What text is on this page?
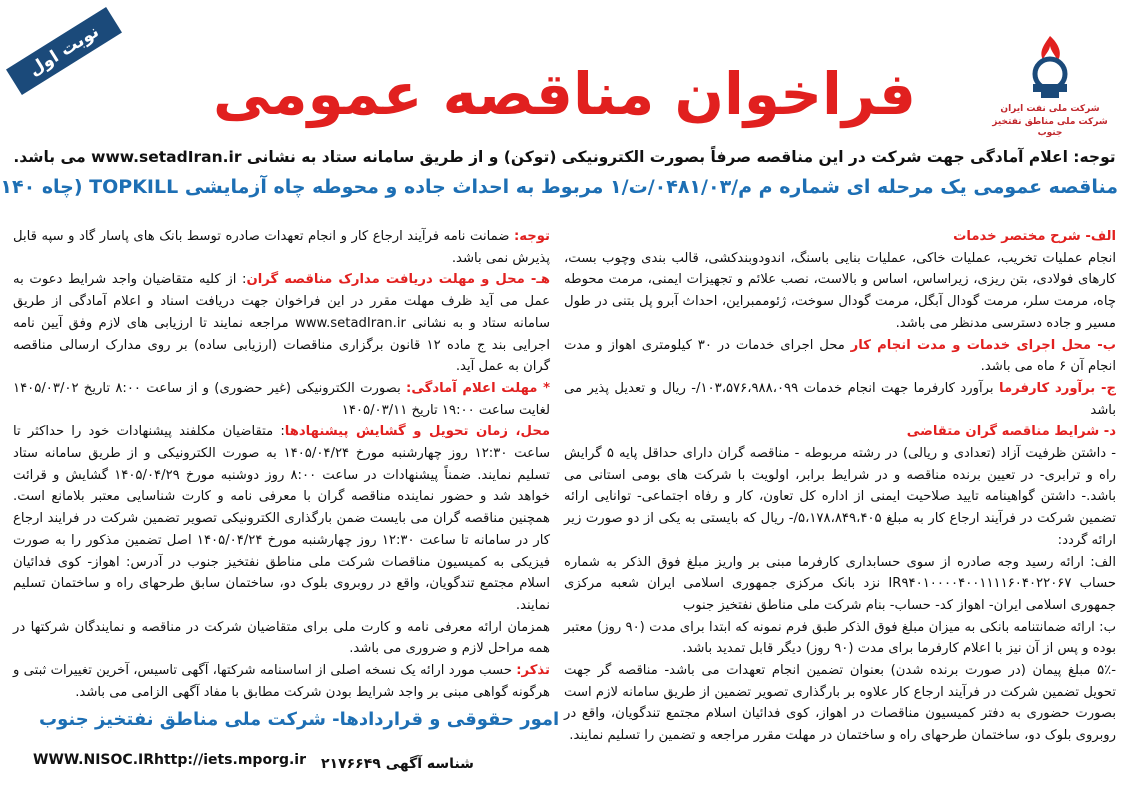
نوبت اول
فراخوان مناقصه عمومی	شرکت ملی نفت ایران
شرکت ملی مناطق نفتخیز جنوب
توجه: اعلام آمادگی جهت شرکت در این مناقصه صرفاً بصورت الکترونیکی (توکن) و از طریق سامانه ستاد به نشانی www.setadIran.ir می باشد.
مناقصه عمومی یک مرحله ای شماره م م/۰۴۸۱/۰۳/ت/۱ مربوط به احداث جاده و محوطه چاه آزمایشی TOPKILL (چاه ۱۴۰

الف- شرح مختصر خدمات

انجام عملیات تخریب، عملیات خاکی، عملیات بنایی باسنگ، اندودوبندکشی، قالب بندی وچوب بست، کارهای فولادی، بتن ریزی، زیراساس، اساس و بالاست، نصب علائم و تجهیزات ایمنی، مرمت محوطه چاه، مرمت سلر، مرمت گودال آبگل، مرمت گودال سوخت، ژئوممبراین، احداث آبرو پل بتنی در طول مسیر و جاده دسترسی مدنظر می باشد.

ب- محل اجرای خدمات و مدت انجام کار محل اجرای خدمات در ۳۰ کیلومتری اهواز و مدت انجام آن ۶ ماه می باشد.

ج- برآورد کارفرما برآورد کارفرما جهت انجام خدمات ۱۰۳،۵۷۶،۹۸۸،۰۹۹/- ریال و تعدیل پذیر می باشد

د- شرایط مناقصه گران متقاضی

- داشتن ظرفیت آزاد (تعدادی و ریالی) در رشته مربوطه - مناقصه گران دارای حداقل پایه ۵ گرایش راه و ترابری- در تعیین برنده مناقصه و در شرایط برابر، اولویت با شرکت های بومی استانی می باشد.- داشتن گواهینامه تایید صلاحیت ایمنی از اداره کل تعاون، کار و رفاه اجتماعی- توانایی ارائه تضمین شرکت در فرآیند ارجاع کار به مبلغ ۵،۱۷۸،۸۴۹،۴۰۵/- ریال که بایستی به یکی از دو صورت زیر ارائه گردد:

الف: ارائه رسید وجه صادره از سوی حسابداری کارفرما مبنی بر واریز مبلغ فوق الذکر به شماره حساب IR۹۴۰۱۰۰۰۰۴۰۰۱۱۱۱۶۰۴۰۲۲۰۶۷ نزد بانک مرکزی جمهوری اسلامی ایران شعبه مرکزی جمهوری اسلامی ایران- اهواز کد- حساب- بنام شرکت ملی مناطق نفتخیز جنوب

ب: ارائه ضمانتنامه بانکی به میزان مبلغ فوق الذکر طبق فرم نمونه که ابتدا برای مدت (۹۰ روز) معتبر بوده و پس از آن نیز با اعلام کارفرما برای مدت (۹۰ روز) دیگر قابل تمدید باشد.

-۵٪ مبلغ پیمان (در صورت برنده شدن) بعنوان تضمین انجام تعهدات می باشد- مناقصه گر جهت تحویل تضمین شرکت در فرآیند ارجاع کار علاوه بر بارگذاری تصویر تضمین از طریق سامانه لازم است بصورت حضوری به دفتر کمیسیون مناقصات در اهواز، کوی فدائیان اسلام مجتمع تندگویان، واقع در روبروی بلوک دو، ساختمان طرحهای راه و ساختمان در مهلت مقرر مراجعه و تضمین را تسلیم نمایند.

توجه: ضمانت نامه فرآیند ارجاع کار و انجام تعهدات صادره توسط بانک های پاسار گاد و سپه قابل پذیرش نمی باشد.

هـ- محل و مهلت دریافت مدارک مناقصه گران: از کلیه متقاضیان واجد شرایط دعوت به عمل می آید ظرف مهلت مقرر در این فراخوان جهت دریافت اسناد و اعلام آمادگی از طریق سامانه ستاد و به نشانی www.setadIran.ir مراجعه نمایند تا ارزیابی های لازم وفق آیین نامه اجرایی بند ج ماده ۱۲ قانون برگزاری مناقصات (ارزیابی ساده) بر روی مدارک ارسالی مناقصه گران به عمل آید.

* مهلت اعلام آمادگی: بصورت الکترونیکی (غیر حضوری) و از ساعت ۸:۰۰ تاریخ ۱۴۰۵/۰۳/۰۲ لغایت ساعت ۱۹:۰۰ تاریخ ۱۴۰۵/۰۳/۱۱

محل، زمان تحویل و گشایش پیشنهادها: متقاضیان مکلفند پیشنهادات خود را حداکثر تا ساعت ۱۲:۳۰ روز چهارشنبه مورخ ۱۴۰۵/۰۴/۲۴ به صورت الکترونیکی و از طریق سامانه ستاد تسلیم نمایند. ضمناً پیشنهادات در ساعت ۸:۰۰ روز دوشنبه مورخ ۱۴۰۵/۰۴/۲۹ گشایش و قرائت خواهد شد و حضور نماینده مناقصه گران با معرفی نامه و کارت شناسایی معتبر بلامانع است. همچنین مناقصه گران می بایست ضمن بارگذاری الکترونیکی تصویر تضمین شرکت در فرایند ارجاع کار در سامانه تا ساعت ۱۲:۳۰ روز چهارشنبه مورخ ۱۴۰۵/۰۴/۲۴ اصل تضمین مذکور را به صورت فیزیکی به کمیسیون مناقصات شرکت ملی مناطق نفتخیز جنوب در آدرس: اهواز- کوی فدائیان اسلام مجتمع تندگویان، واقع در روبروی بلوک دو، ساختمان سابق طرحهای راه و ساختمان تسلیم نمایند.

همزمان ارائه معرفی نامه و کارت ملی برای متقاضیان شرکت در مناقصه و نمایندگان شرکتها در همه مراحل لازم و ضروری می باشد.

تذکر: حسب مورد ارائه یک نسخه اصلی از اساسنامه شرکتها، آگهی تاسیس، آخرین تغییرات ثبتی و هرگونه گواهی مبنی بر واجد شرایط بودن شرکت مطابق با مفاد آگهی الزامی می باشد.

امور حقوقی و قراردادها- شرکت ملی مناطق نفتخیز جنوب
WWW.NISOC.IRhttp://iets.mporg.ir شناسه آگهی ۲۱۷۶۶۴۹
